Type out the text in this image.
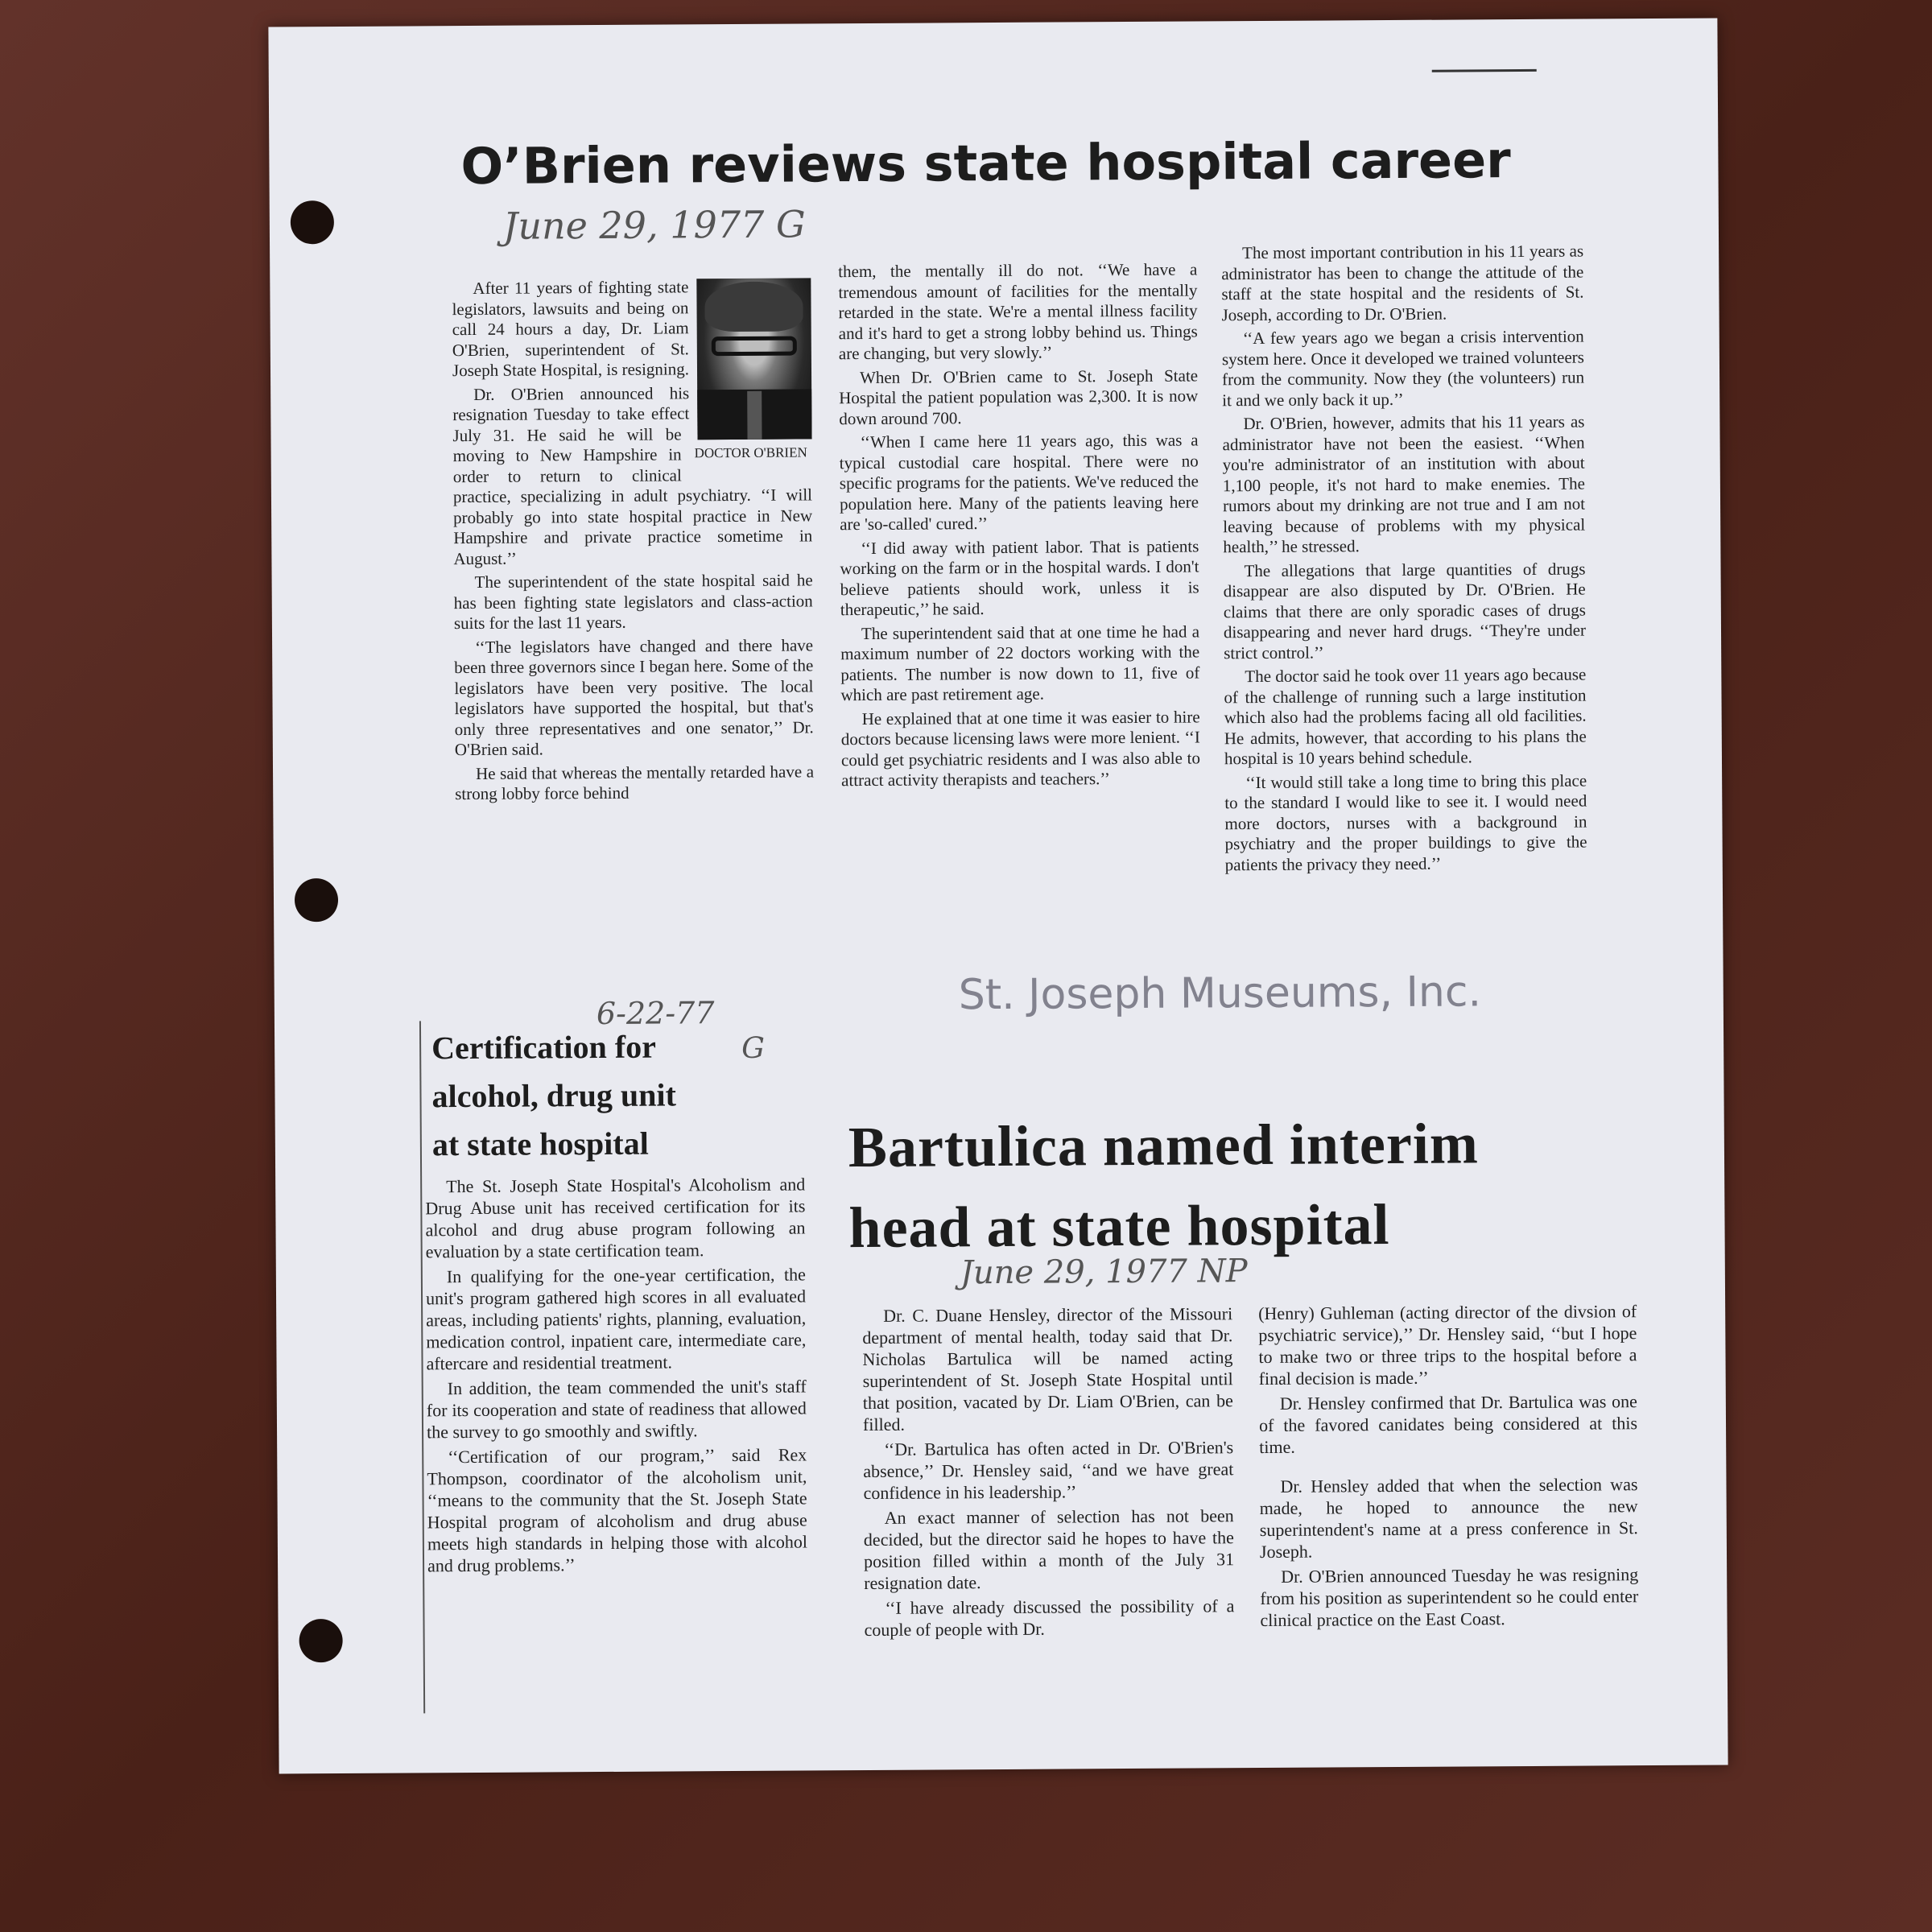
O’Brien reviews state hospital career
June 29, 1977 G
DOCTOR O'BRIEN

After 11 years of fighting state legislators, lawsuits and being on call 24 hours a day, Dr. Liam O'Brien, superintendent of St. Joseph State Hospital, is resigning.

Dr. O'Brien announced his resignation Tuesday to take effect July 31. He said he will be moving to New Hampshire in order to return to clinical practice, specializing in adult psychiatry. ‘‘I will probably go into state hospital practice in New Hampshire and private practice sometime in August.’’

The superintendent of the state hospital said he has been fighting state legislators and class-action suits for the last 11 years.

‘‘The legislators have changed and there have been three governors since I began here. Some of the legislators have been very positive. The local legislators have supported the hospital, but that's only three representatives and one senator,’’ Dr. O'Brien said.

He said that whereas the mentally retarded have a strong lobby force behind

them, the mentally ill do not. ‘‘We have a tremendous amount of facilities for the mentally retarded in the state. We're a mental illness facility and it's hard to get a strong lobby behind us. Things are changing, but very slowly.’’

When Dr. O'Brien came to St. Joseph State Hospital the patient population was 2,300. It is now down around 700.

‘‘When I came here 11 years ago, this was a typical custodial care hospital. There were no specific programs for the patients. We've reduced the population here. Many of the patients leaving here are 'so-called' cured.’’

‘‘I did away with patient labor. That is patients working on the farm or in the hospital wards. I don't believe patients should work, unless it is therapeutic,’’ he said.

The superintendent said that at one time he had a maximum number of 22 doctors working with the patients. The number is now down to 11, five of which are past retirement age.

He explained that at one time it was easier to hire doctors because licensing laws were more lenient. ‘‘I could get psychiatric residents and I was also able to attract activity therapists and teachers.’’

The most important contribution in his 11 years as administrator has been to change the attitude of the staff at the state hospital and the residents of St. Joseph, according to Dr. O'Brien.

‘‘A few years ago we began a crisis intervention system here. Once it developed we trained volunteers from the community. Now they (the volunteers) run it and we only back it up.’’

Dr. O'Brien, however, admits that his 11 years as administrator have not been the easiest. ‘‘When you're administrator of an institution with about 1,100 people, it's not hard to make enemies. The rumors about my drinking are not true and I am not leaving because of problems with my physical health,’’ he stressed.

The allegations that large quantities of drugs disappear are also disputed by Dr. O'Brien. He claims that there are only sporadic cases of drugs disappearing and never hard drugs. ‘‘They're under strict control.’’

The doctor said he took over 11 years ago because of the challenge of running such a large institution which also had the problems facing all old facilities. He admits, however, that according to his plans the hospital is 10 years behind schedule.

‘‘It would still take a long time to bring this place to the standard I would like to see it. I would need more doctors, nurses with a background in psychiatry and the proper buildings to give the patients the privacy they need.’’

St. Joseph Museums, Inc.
6-22-77
G
Certification for
alcohol, drug unit
at state hospital

The St. Joseph State Hospital's Alcoholism and Drug Abuse unit has received certification for its alcohol and drug abuse program following an evaluation by a state certification team.

In qualifying for the one-year certification, the unit's program gathered high scores in all evaluated areas, including patients' rights, planning, evaluation, medication control, inpatient care, intermediate care, aftercare and residential treatment.

In addition, the team commended the unit's staff for its cooperation and state of readiness that allowed the survey to go smoothly and swiftly.

‘‘Certification of our program,’’ said Rex Thompson, coordinator of the alcoholism unit, ‘‘means to the community that the St. Joseph State Hospital program of alcoholism and drug abuse meets high standards in helping those with alcohol and drug problems.’’

Bartulica named interim
head at state hospital
June 29, 1977 NP

Dr. C. Duane Hensley, director of the Missouri department of mental health, today said that Dr. Nicholas Bartulica will be named acting superintendent of St. Joseph State Hospital until that position, vacated by Dr. Liam O'Brien, can be filled.

‘‘Dr. Bartulica has often acted in Dr. O'Brien's absence,’’ Dr. Hensley said, ‘‘and we have great confidence in his leadership.’’

An exact manner of selection has not been decided, but the director said he hopes to have the position filled within a month of the July 31 resignation date.

‘‘I have already discussed the possibility of a couple of people with Dr.

(Henry) Guhleman (acting director of the divsion of psychiatric service),’’ Dr. Hensley said, ‘‘but I hope to make two or three trips to the hospital before a final decision is made.’’

Dr. Hensley confirmed that Dr. Bartulica was one of the favored canidates being considered at this time.

Dr. Hensley added that when the selection was made, he hoped to announce the new superintendent's name at a press conference in St. Joseph.

Dr. O'Brien announced Tuesday he was resigning from his position as superintendent so he could enter clinical practice on the East Coast.
